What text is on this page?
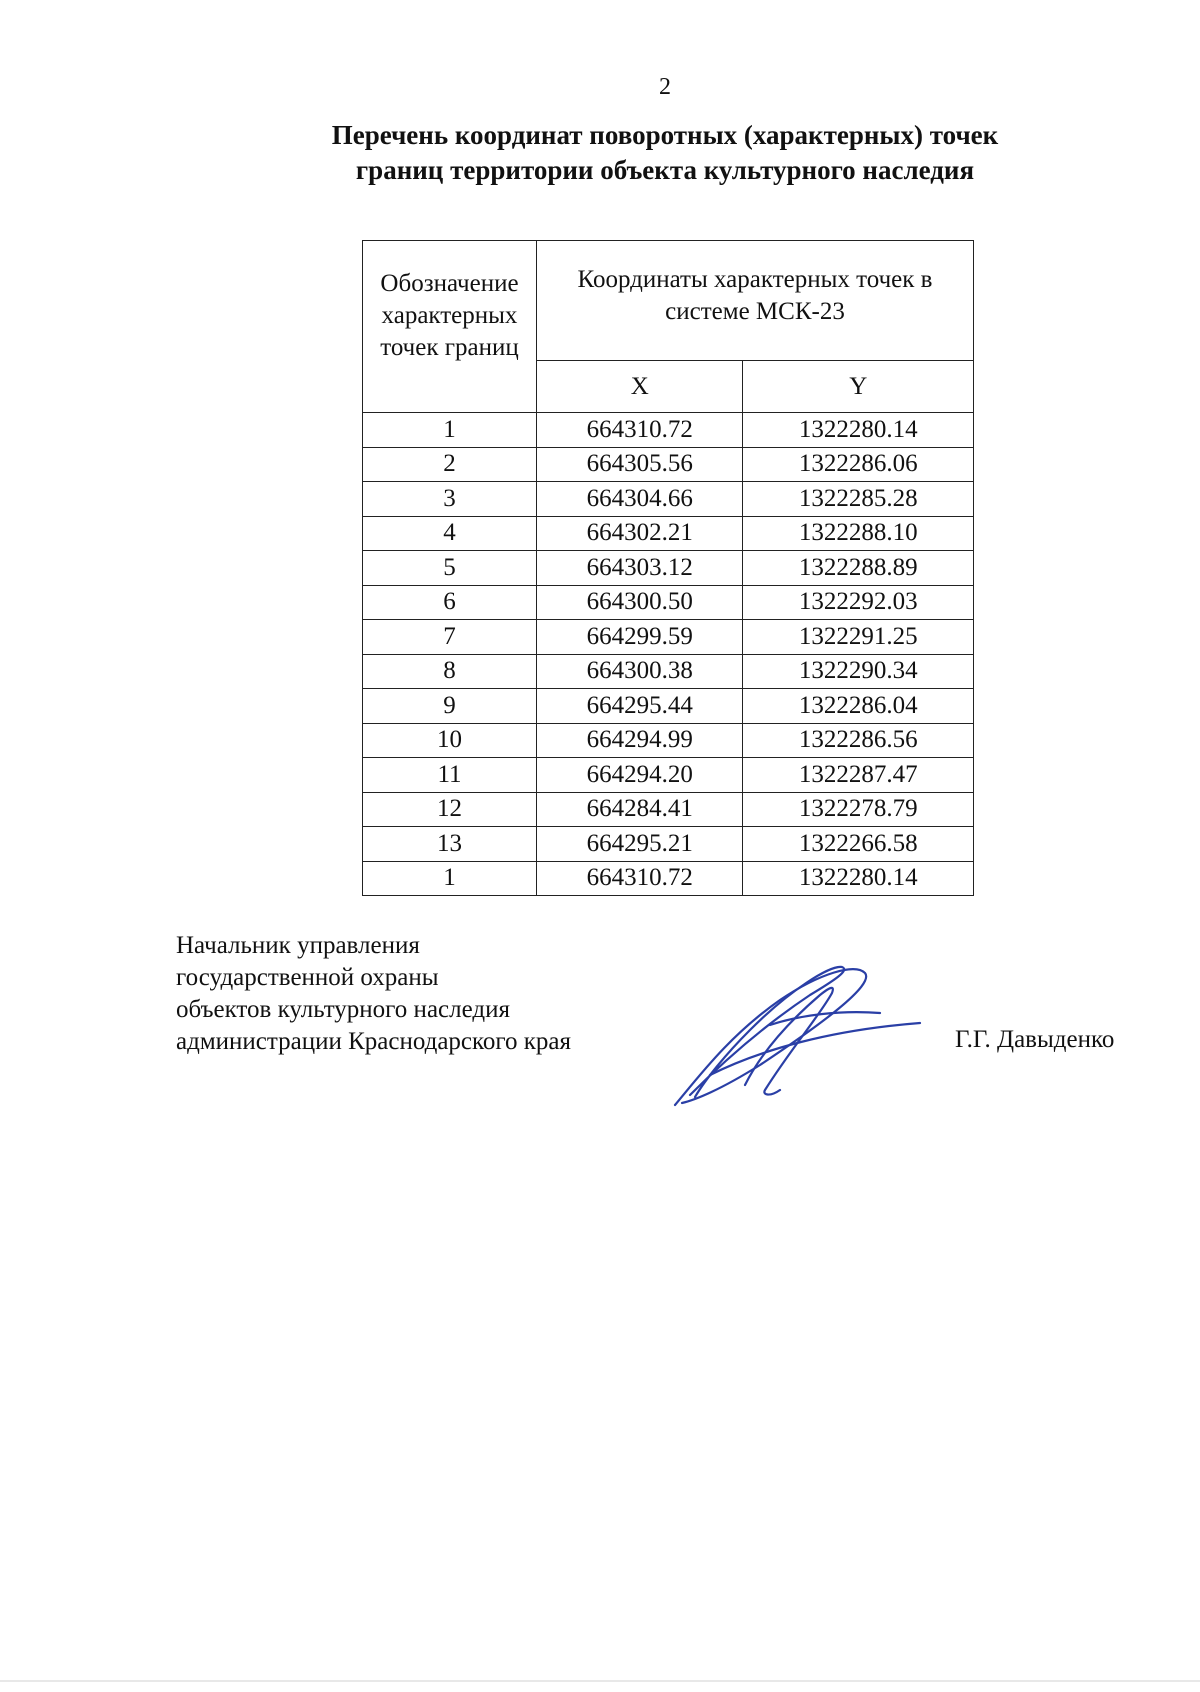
2
Перечень координат поворотных (характерных) точек
границ территории объекта культурного наследия
Обозначение характерных точек границ	Координаты характерных точек в системе МСК-23	
	X	Y
1	664310.72	1322280.14
2	664305.56	1322286.06
3	664304.66	1322285.28
4	664302.21	1322288.10
5	664303.12	1322288.89
6	664300.50	1322292.03
7	664299.59	1322291.25
8	664300.38	1322290.34
9	664295.44	1322286.04
10	664294.99	1322286.56
11	664294.20	1322287.47
12	664284.41	1322278.79
13	664295.21	1322266.58
1	664310.72	1322280.14
Начальник управления
государственной охраны
объектов культурного наследия
администрации Краснодарского края	Г.Г. Давыденко
